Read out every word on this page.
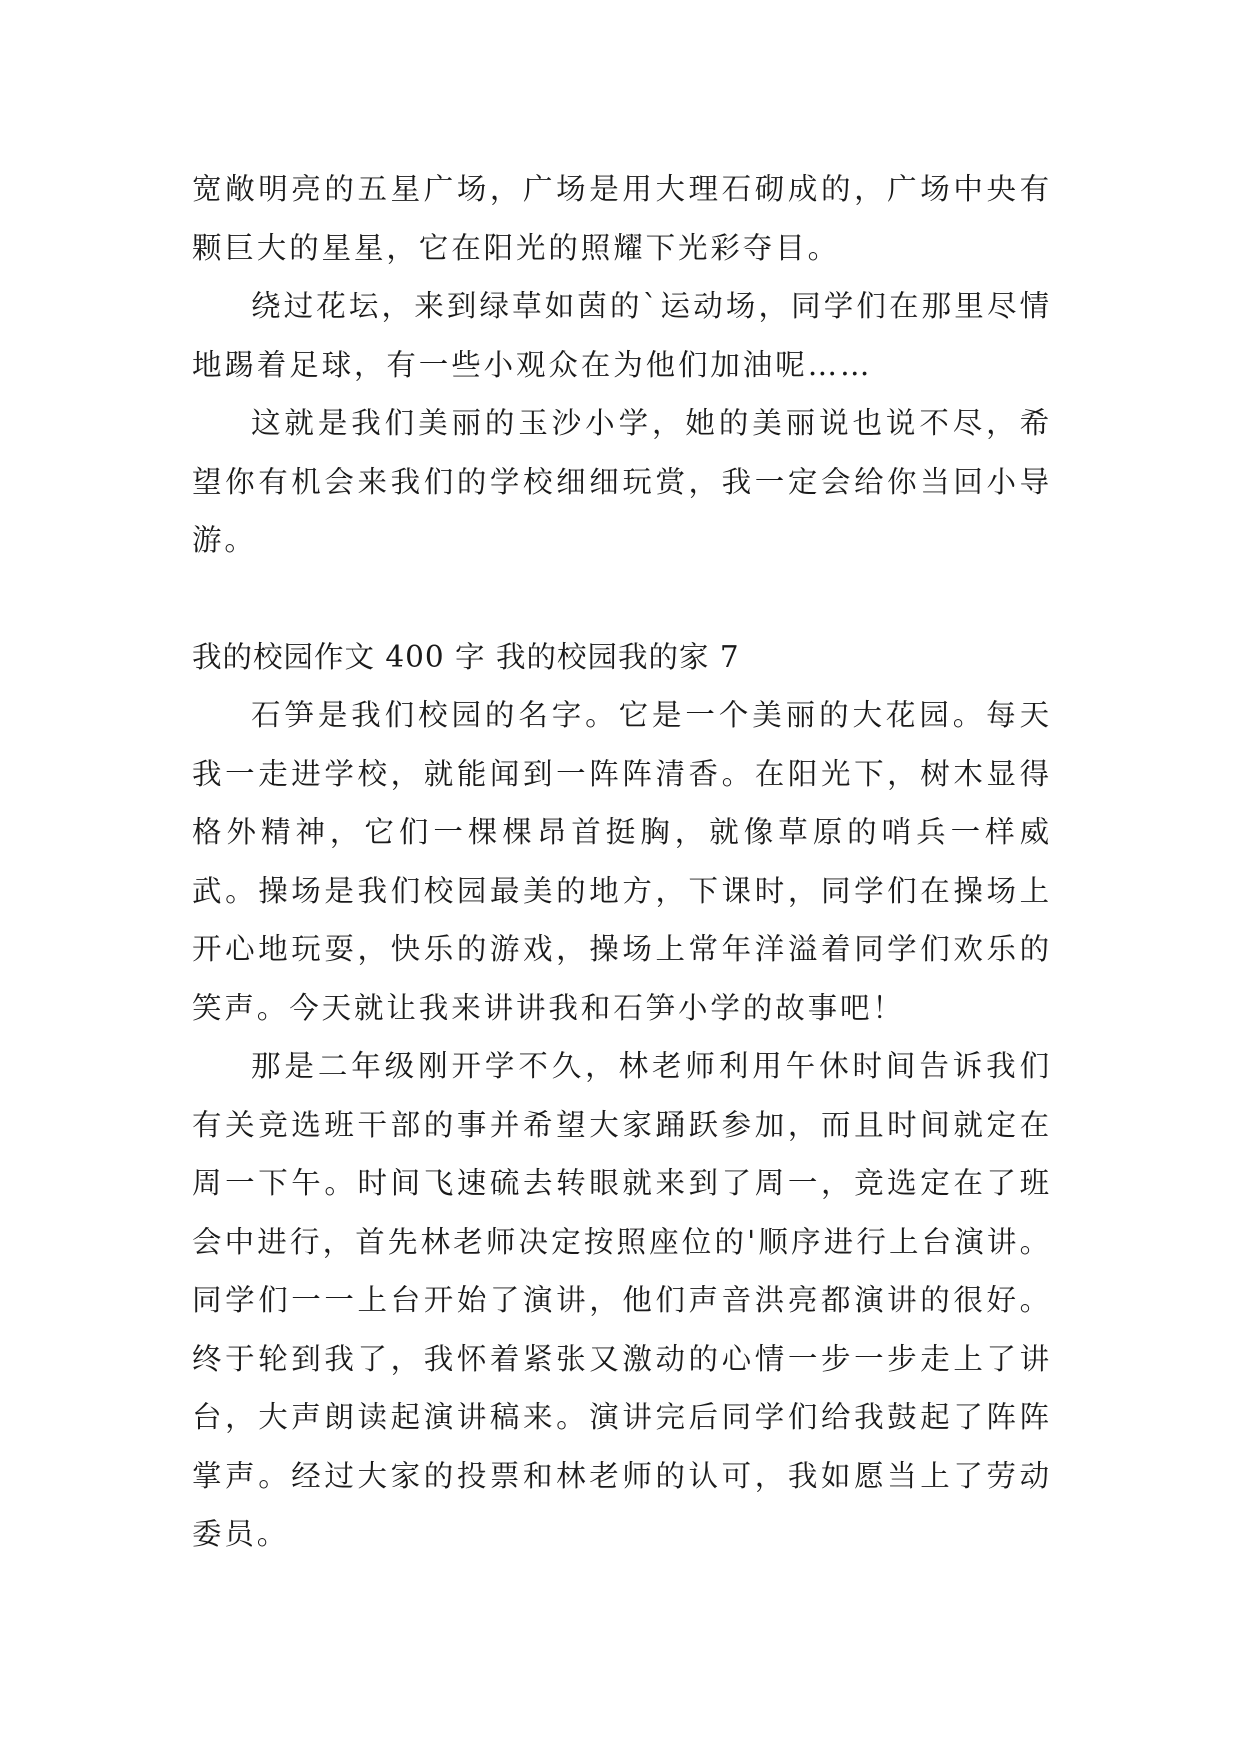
宽敞明亮的五星广场，广场是用大理石砌成的，广场中央有颗巨大的星星，它在阳光的照耀下光彩夺目。

绕过花坛，来到绿草如茵的`运动场，同学们在那里尽情地踢着足球，有一些小观众在为他们加油呢……

这就是我们美丽的玉沙小学，她的美丽说也说不尽，希望你有机会来我们的学校细细玩赏，我一定会给你当回小导游。

我的校园作文 400 字 我的校园我的家 7

石笋是我们校园的名字。它是一个美丽的大花园。每天我一走进学校，就能闻到一阵阵清香。在阳光下，树木显得格外精神，它们一棵棵昂首挺胸，就像草原的哨兵一样威武。操场是我们校园最美的地方，下课时，同学们在操场上开心地玩耍，快乐的游戏，操场上常年洋溢着同学们欢乐的笑声。今天就让我来讲讲我和石笋小学的故事吧！

那是二年级刚开学不久，林老师利用午休时间告诉我们有关竞选班干部的事并希望大家踊跃参加，而且时间就定在周一下午。时间飞速硫去转眼就来到了周一，竞选定在了班会中进行，首先林老师决定按照座位的'顺序进行上台演讲。同学们一一上台开始了演讲，他们声音洪亮都演讲的很好。终于轮到我了，我怀着紧张又激动的心情一步一步走上了讲台，大声朗读起演讲稿来。演讲完后同学们给我鼓起了阵阵掌声。经过大家的投票和林老师的认可，我如愿当上了劳动委员。
